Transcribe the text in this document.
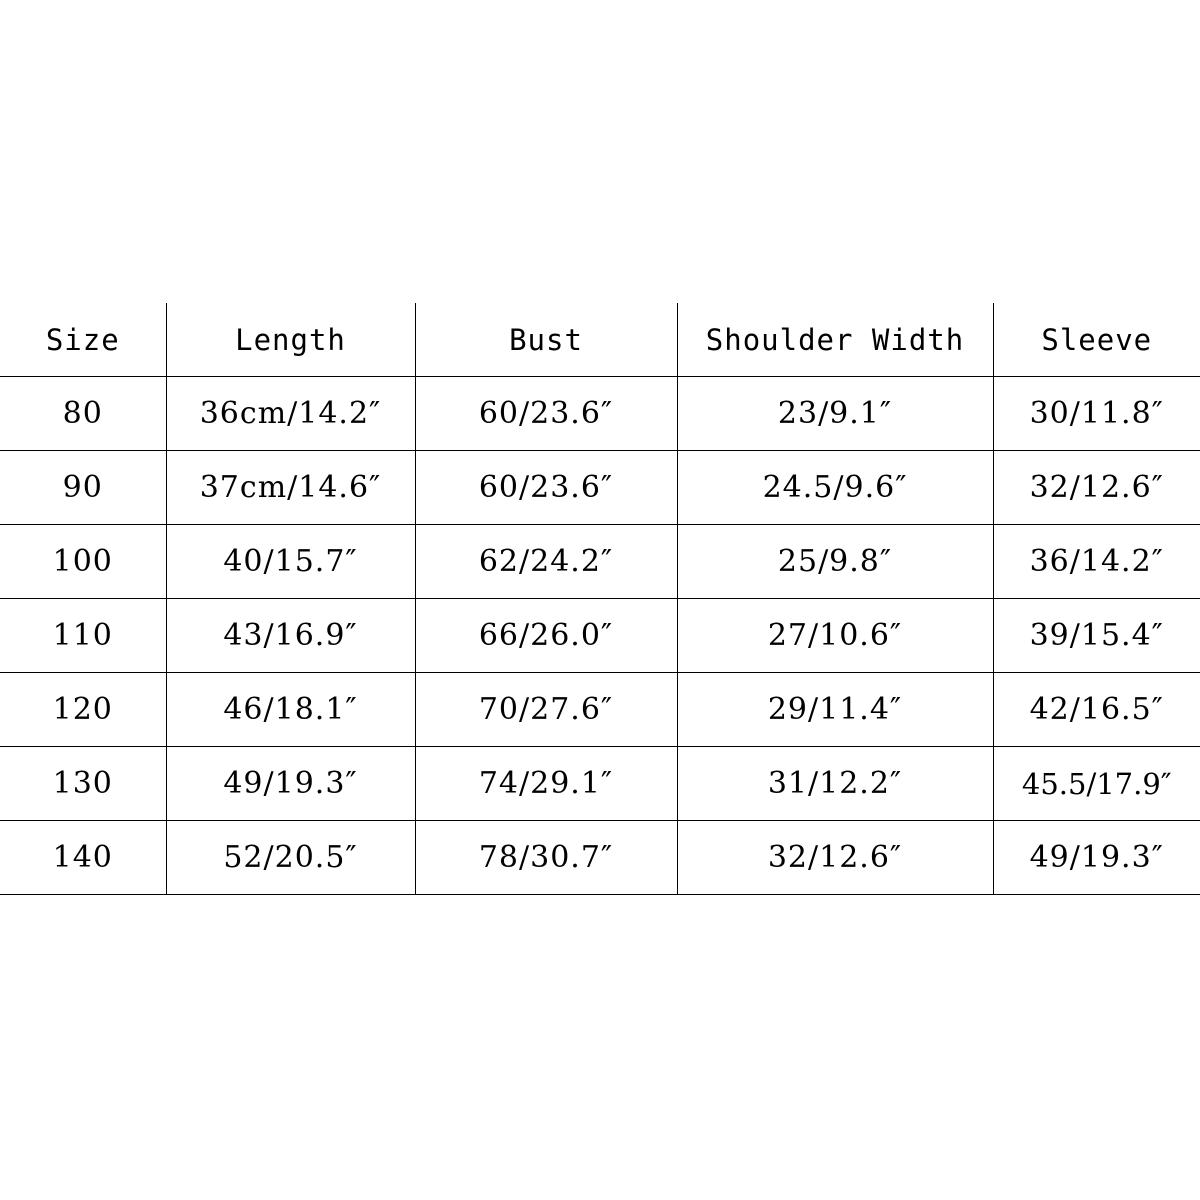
Size	Length	Bust	Shoulder Width	Sleeve
80	36cm/14.2″	60/23.6″	23/9.1″	30/11.8″
90	37cm/14.6″	60/23.6″	24.5/9.6″	32/12.6″
100	40/15.7″	62/24.2″	25/9.8″	36/14.2″
110	43/16.9″	66/26.0″	27/10.6″	39/15.4″
120	46/18.1″	70/27.6″	29/11.4″	42/16.5″
130	49/19.3″	74/29.1″	31/12.2″	45.5/17.9″
140	52/20.5″	78/30.7″	32/12.6″	49/19.3″
